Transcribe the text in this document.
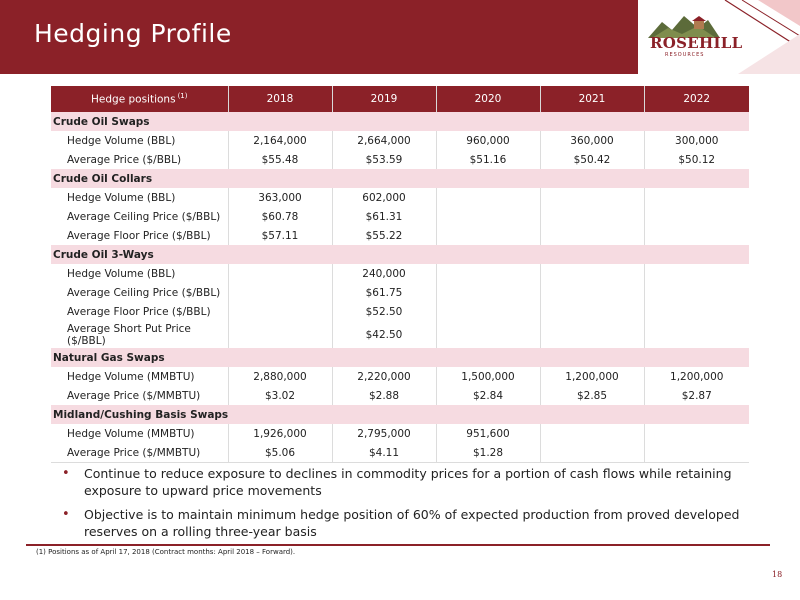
Hedging Profile	ROSEHILL
RESOURCES
Hedge positions $^{(1)}$	2018	2019	2020	2021	2022
Crude Oil Swaps					
Hedge Volume (BBL)	2,164,000	2,664,000	960,000	360,000	300,000
Average Price ($/BBL)	$55.48	$53.59	$51.16	$50.42	$50.12
Crude Oil Collars					
Hedge Volume (BBL)	363,000	602,000			
Average Ceiling Price ($/BBL)	$60.78	$61.31			
Average Floor Price ($/BBL)	$57.11	$55.22			
Crude Oil 3-Ways					
Hedge Volume (BBL)		240,000			
Average Ceiling Price ($/BBL)		$61.75			
Average Floor Price ($/BBL)		$52.50			
Average Short Put Price ($/BBL)		$42.50			
Natural Gas Swaps					
Hedge Volume (MMBTU)	2,880,000	2,220,000	1,500,000	1,200,000	1,200,000
Average Price ($/MMBTU)	$3.02	$2.88	$2.84	$2.85	$2.87
Midland/Cushing Basis Swaps					
Hedge Volume (MMBTU)	1,926,000	2,795,000	951,600		
Average Price ($/MMBTU)	$5.06	$4.11	$1.28		
• Continue to reduce exposure to declines in commodity prices for a portion of cash flows while retaining exposure to upward price movements
• Objective is to maintain minimum hedge position of 60% of expected production from proved developed reserves on a rolling three-year basis
(1) Positions as of April 17, 2018 (Contract months: April 2018 – Forward).
18
